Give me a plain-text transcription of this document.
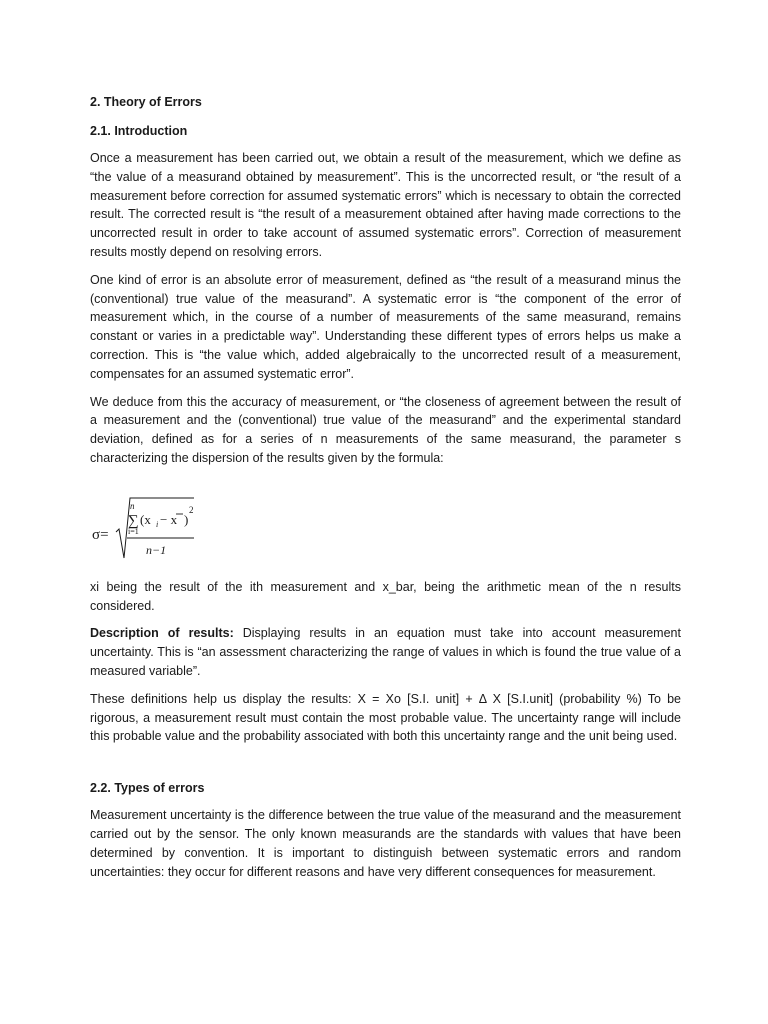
2. Theory of Errors
2.1. Introduction

Once a measurement has been carried out, we obtain a result of the measurement, which we define as “the value of a measurand obtained by measurement”. This is the uncorrected result, or “the result of a measurement before correction for assumed systematic errors” which is necessary to obtain the corrected result. The corrected result is “the result of a measurement obtained after having made corrections to the uncorrected result in order to take account of assumed systematic errors”. Correction of measurement results mostly depend on resolving errors.

One kind of error is an absolute error of measurement, defined as “the result of a measurand minus the (conventional) true value of the measurand”. A systematic error is “the component of the error of measurement which, in the course of a number of measurements of the same measurand, remains constant or varies in a predictable way”. Understanding these different types of errors helps us make a correction. This is “the value which, added algebraically to the uncorrected result of a measurement, compensates for an assumed systematic error”.

We deduce from this the accuracy of measurement, or “the closeness of agreement between the result of a measurement and the (conventional) true value of the measurand” and the experimental standard deviation, defined as for a series of n measurements of the same measurand, the parameter s characterizing the dispersion of the results given by the formula:

σ=
n
∑
i=1
(x i − x )
2
n−1

xi being the result of the ith measurement and x_bar, being the arithmetic mean of the n results considered.

Description of results: Displaying results in an equation must take into account measurement uncertainty. This is “an assessment characterizing the range of values in which is found the true value of a measured variable”.

These definitions help us display the results: X = Xo [S.I. unit] + Δ X [S.I.unit] (probability %) To be rigorous, a measurement result must contain the most probable value. The uncertainty range will include this probable value and the probability associated with both this uncertainty range and the unit being used.

2.2. Types of errors

Measurement uncertainty is the difference between the true value of the measurand and the measurement carried out by the sensor. The only known measurands are the standards with values that have been determined by convention. It is important to distinguish between systematic errors and random uncertainties: they occur for different reasons and have very different consequences for measurement.
